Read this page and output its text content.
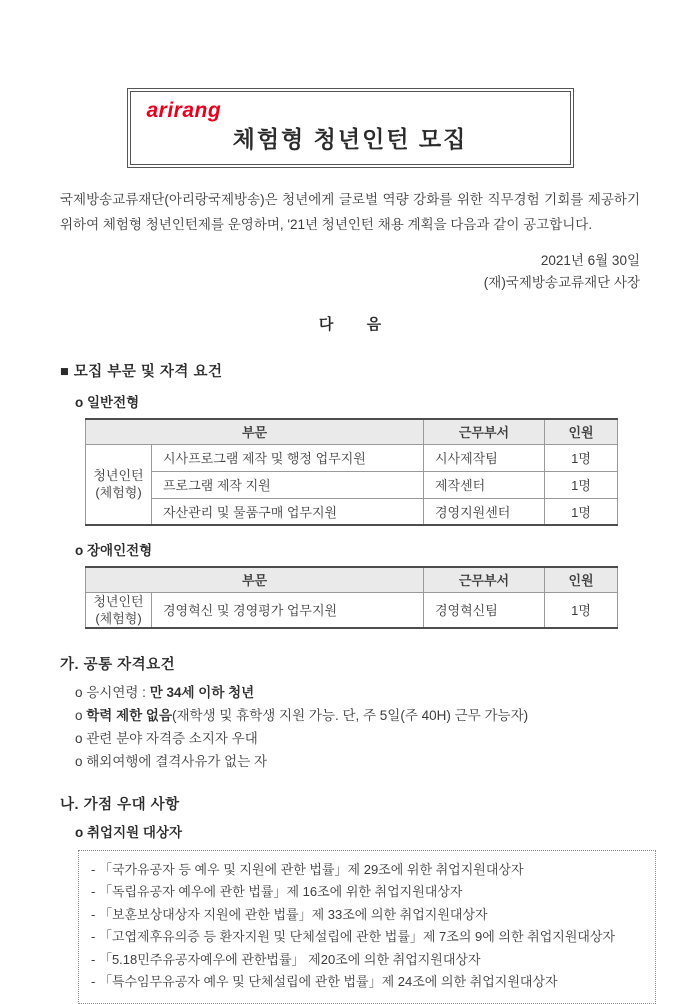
arirang
체험형 청년인턴 모집

국제방송교류재단(아리랑국제방송)은 청년에게 글로벌 역량 강화를 위한 직무경험 기회를 제공하기 위하여 체험형 청년인턴제를 운영하며, '21년 청년인턴 채용 계획을 다음과 같이 공고합니다.

2021년 6월 30일
(재)국제방송교류재단 사장
다        음
■ 모집 부문 및 자격 요건
o 일반전형
부문		근무부서	인원

청년인턴
(체험형)	시사프로그램 제작 및 행정 업무지원	시사제작팀	1명
	프로그램 제작 지원	제작센터	1명
	자산관리 및 물품구매 업무지원	경영지원센터	1명
o 장애인전형
부문		근무부서	인원

청년인턴
(체험형)	경영혁신 및 경영평가 업무지원	경영혁신팀	1명
가. 공통 자격요건
o 응시연령 : 만 34세 이하 청년
o 학력 제한 없음(재학생 및 휴학생 지원 가능. 단, 주 5일(주 40H) 근무 가능자)
o 관련 분야 자격증 소지자 우대
o 해외여행에 결격사유가 없는 자
나. 가점 우대 사항
o 취업지원 대상자
- 「국가유공자 등 예우 및 지원에 관한 법률」제 29조에 위한 취업지원대상자
- 「독립유공자 예우에 관한 법률」제 16조에 위한 취업지원대상자
- 「보훈보상대상자 지원에 관한 법률」제 33조에 의한 취업지원대상자
- 「고엽제후유의증 등 환자지원 및 단체설립에 관한 법률」제 7조의 9에 의한 취업지원대상자
- 「5.18민주유공자예우에 관한법률」 제20조에 의한 취업지원대상자
- 「특수임무유공자 예우 및 단체설립에 관한 법률」제 24조에 의한 취업지원대상자
